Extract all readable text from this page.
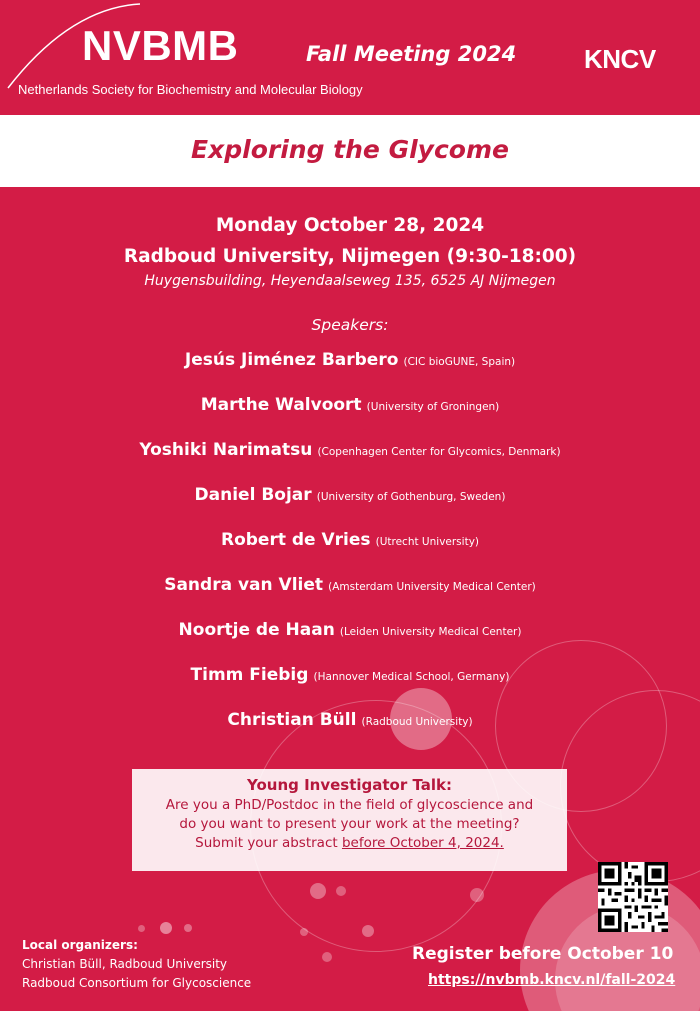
NVBMB
Netherlands Society for Biochemistry and Molecular Biology
Fall Meeting 2024	KNCV
Exploring the Glycome
Monday October 28, 2024
Radboud University, Nijmegen (9:30-18:00)
Huygensbuilding, Heyendaalseweg 135, 6525 AJ Nijmegen
Speakers:
Jesús Jiménez Barbero (CIC bioGUNE, Spain)
Marthe Walvoort (University of Groningen)
Yoshiki Narimatsu (Copenhagen Center for Glycomics, Denmark)
Daniel Bojar (University of Gothenburg, Sweden)
Robert de Vries (Utrecht University)
Sandra van Vliet (Amsterdam University Medical Center)
Noortje de Haan (Leiden University Medical Center)
Timm Fiebig (Hannover Medical School, Germany)
Christian Büll (Radboud University)
Young Investigator Talk:
Are you a PhD/Postdoc in the field of glycoscience and
do you want to present your work at the meeting?
Submit your abstract before October 4, 2024.
Local organizers:
Christian Büll, Radboud University
Radboud Consortium for Glycoscience
Register before October 10
https://nvbmb.kncv.nl/fall-2024
